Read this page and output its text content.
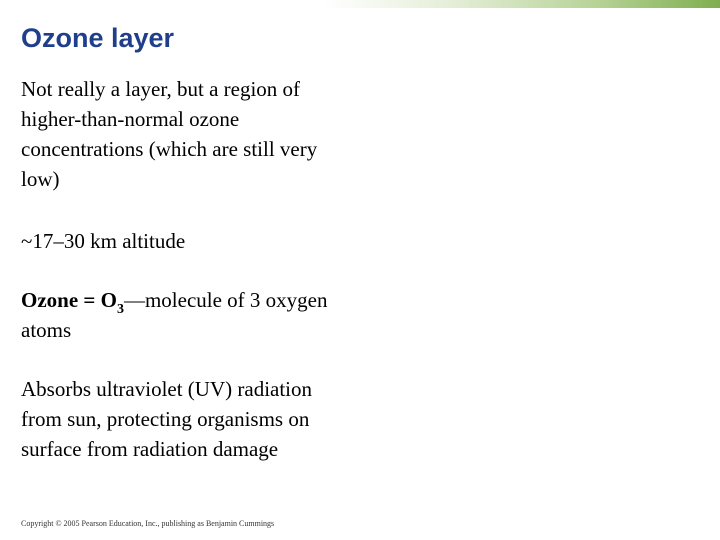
Ozone layer

Not really a layer, but a region of higher-than-normal ozone concentrations (which are still very low)

~17–30 km altitude

Ozone = $O_3—molecule$ of 3 oxygen atoms

Absorbs ultraviolet (UV) radiation from sun, protecting organisms on surface from radiation damage

Copyright © 2005 Pearson Education, Inc., publishing as Benjamin Cummings
